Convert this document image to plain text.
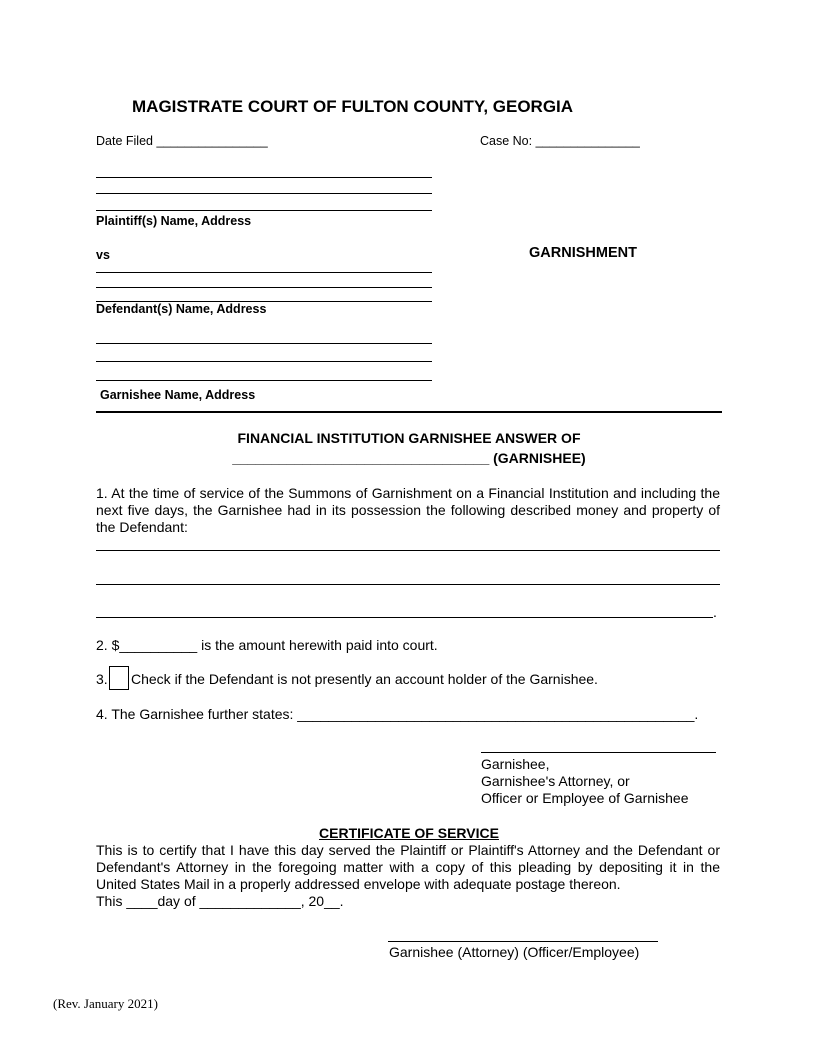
MAGISTRATE COURT OF FULTON COUNTY, GEORGIA
Date Filed ________________	Case No: _______________
Plaintiff(s) Name, Address
vs	GARNISHMENT
Defendant(s) Name, Address
Garnishee Name, Address
FINANCIAL INSTITUTION GARNISHEE ANSWER OF
_________________________________ (GARNISHEE)
1. At the time of service of the Summons of Garnishment on a Financial Institution and including the next five days, the Garnishee had in its possession the following described money and property of the Defendant:
.
2. $__________ is the amount herewith paid into court.
3. Check if the Defendant is not presently an account holder of the Garnishee.
4. The Garnishee further states: ___________________________________________________.
Garnishee,
Garnishee's Attorney, or
Officer or Employee of Garnishee
CERTIFICATE OF SERVICE
This is to certify that I have this day served the Plaintiff or Plaintiff's Attorney and the Defendant or Defendant's Attorney in the foregoing matter with a copy of this pleading by depositing it in the United States Mail in a properly addressed envelope with adequate postage thereon.
This ____day of _____________, 20__.
Garnishee (Attorney) (Officer/Employee)
(Rev. January 2021)
